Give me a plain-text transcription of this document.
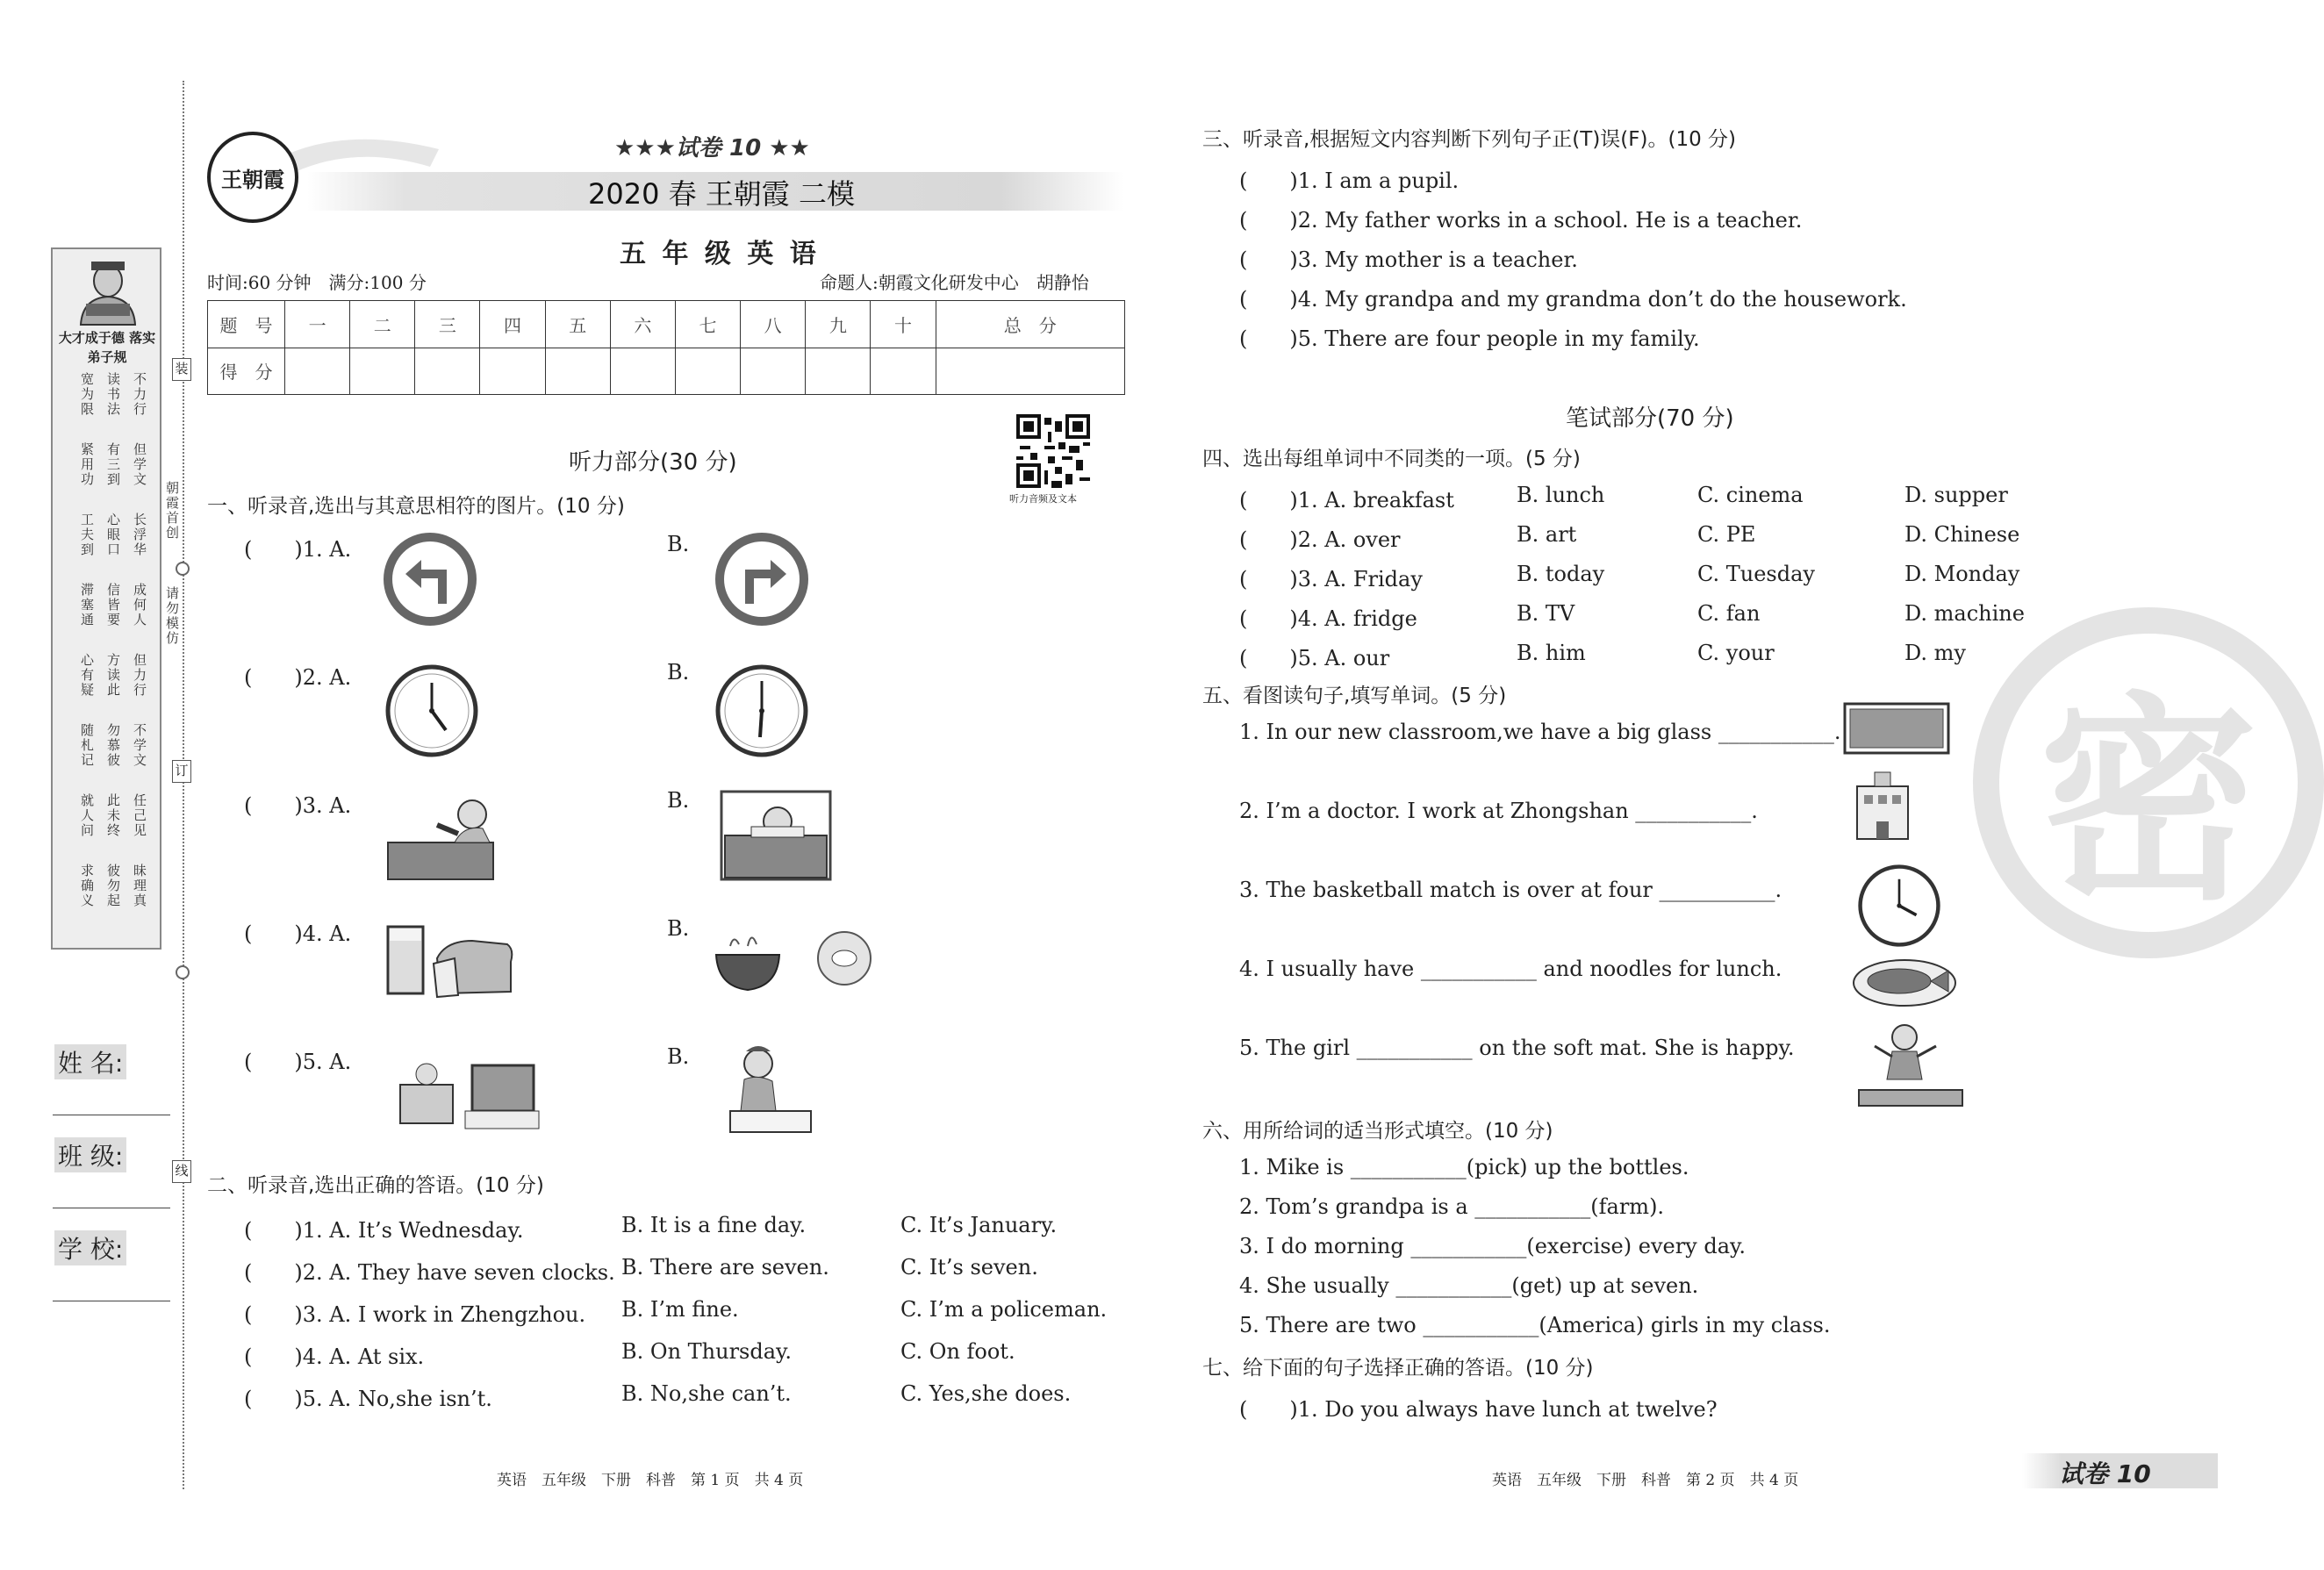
大才成于德 落实弟子规
宽为限 读书法 不力行
紧用功 有三到 但学文
工夫到 心眼口 长浮华
滞塞通 信皆要 成何人
心有疑 方读此 但力行
随札记 勿慕彼 不学文
就人问 此未终 任己见
求确义 彼勿起 昧理真
朝霞首创
请勿模仿
装
订
线
姓 名:
班 级:
学 校:
王朝霞
★★★试卷 10 ★★
2020 春 王朝霞 二模
五 年 级 英 语
时间:60 分钟　满分:100 分	命题人:朝霞文化研发中心　胡静怡
题　号	一	二	三	四	五	六	七	八	九	十	总　分
得　分											
听力音频及文本
听力部分(30 分)
一、听录音,选出与其意思相符的图片。(10 分)
(　　)1. A.	B.
(　　)2. A.	B.
(　　)3. A.	B.
(　　)4. A.	B.
(　　)5. A.	B.
二、听录音,选出正确的答语。(10 分)
(　　)1. A. It’s Wednesday.	B. It is a fine day.	C. It’s January.
(　　)2. A. They have seven clocks. B. There are seven.	C. It’s seven.
(　　)3. A. I work in Zhengzhou. B. I’m fine.	C. I’m a policeman.
(　　)4. A. At six.	B. On Thursday.	C. On foot.
(　　)5. A. No,she isn’t.	B. No,she can’t.	C. Yes,she does.
英语　五年级　下册　科普　第 1 页　共 4 页
密
三、听录音,根据短文内容判断下列句子正(T)误(F)。(10 分)
(　　)1. I am a pupil.
(　　)2. My father works in a school. He is a teacher.
(　　)3. My mother is a teacher.
(　　)4. My grandpa and my grandma don’t do the housework.
(　　)5. There are four people in my family.
笔试部分(70 分)
四、选出每组单词中不同类的一项。(5 分)
(　　)1. A. breakfast	B. lunch	C. cinema	D. supper
(　　)2. A. over	B. art	C. PE	D. Chinese
(　　)3. A. Friday	B. today	C. Tuesday	D. Monday
(　　)4. A. fridge	B. TV	C. fan	D. machine
(　　)5. A. our	B. him	C. your	D. my
五、看图读句子,填写单词。(5 分)
1. In our new classroom,we have a big glass ___________.
2. I’m a doctor. I work at Zhongshan ___________.
3. The basketball match is over at four ___________.
4. I usually have ___________ and noodles for lunch.
5. The girl ___________ on the soft mat. She is happy.
六、用所给词的适当形式填空。(10 分)
1. Mike is ___________(pick) up the bottles.
2. Tom’s grandpa is a ___________(farm).
3. I do morning ___________(exercise) every day.
4. She usually ___________(get) up at seven.
5. There are two ___________(America) girls in my class.
七、给下面的句子选择正确的答语。(10 分)
(　　)1. Do you always have lunch at twelve?
英语　五年级　下册　科普　第 2 页　共 4 页	试卷 10
